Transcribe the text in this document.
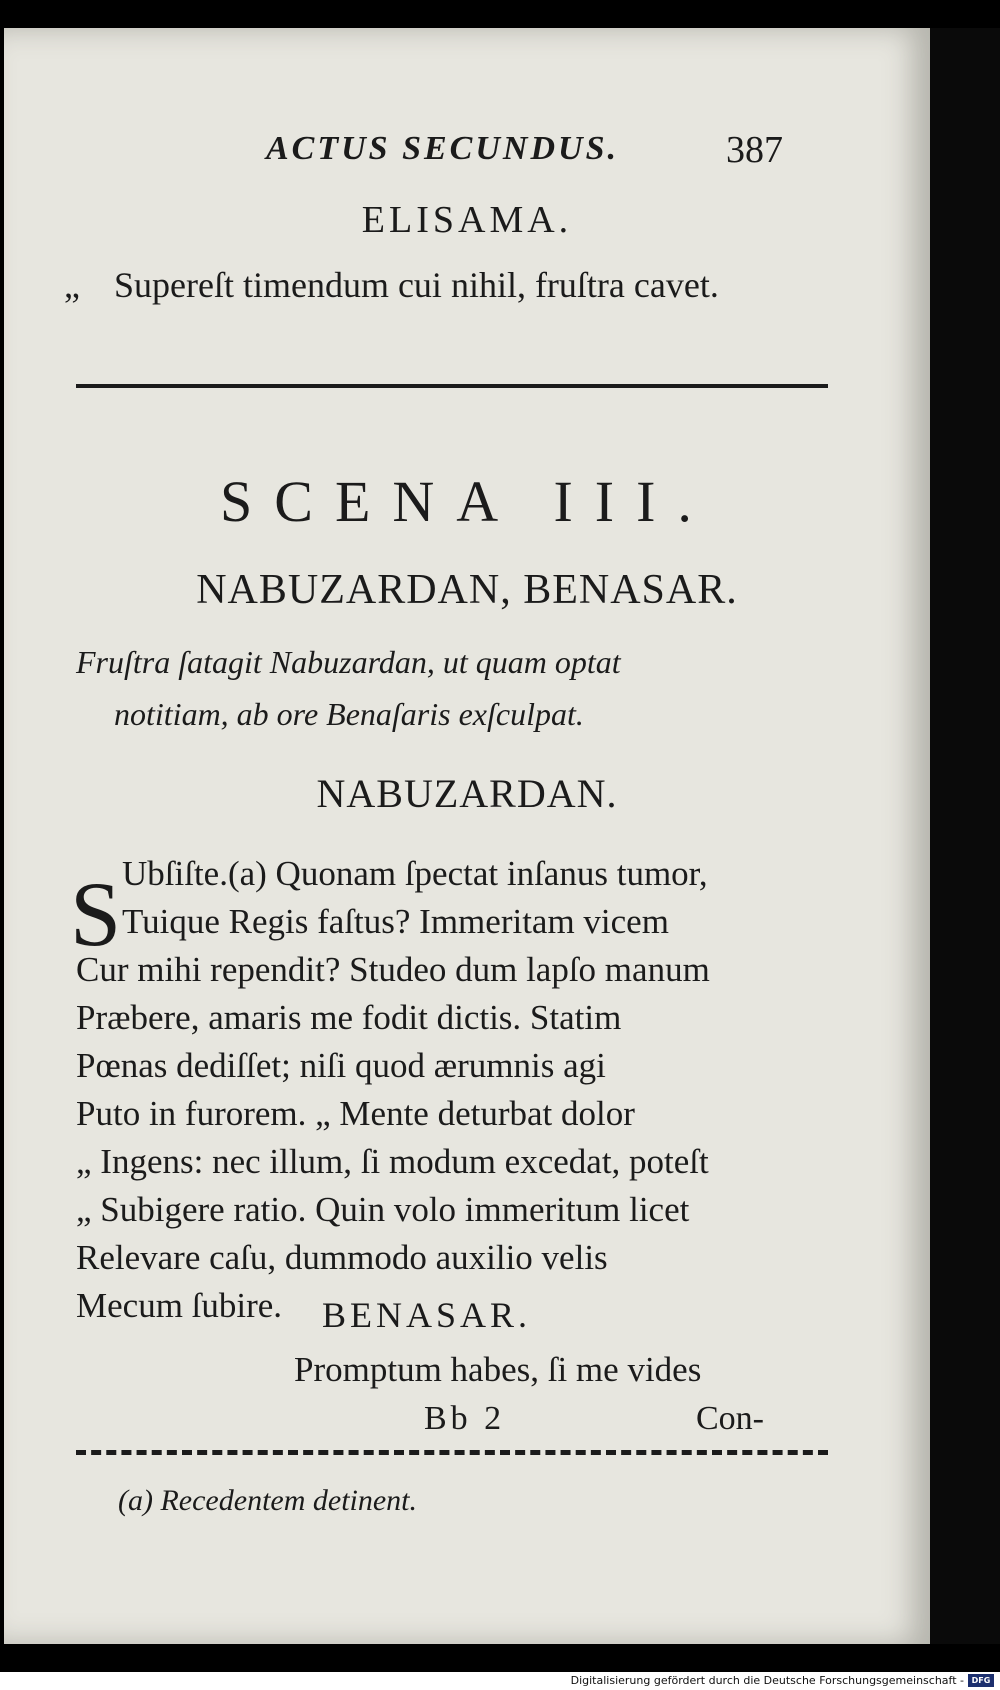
ACTUS SECUNDUS.	387
ELISAMA.
„ Supereſt timendum cui nihil, fruſtra cavet.
SCENA III.
NABUZARDAN, BENASAR.
Fruſtra ſatagit Nabuzardan, ut quam optat
notitiam, ab ore Benaſaris exſculpat.
NABUZARDAN.
S Ubſiſte.(a) Quonam ſpectat inſanus tumor,
Tuique Regis faſtus? Immeritam vicem
Cur mihi rependit? Studeo dum lapſo manum
Præbere, amaris me fodit dictis. Statim
Pœnas dediſſet; niſi quod ærumnis agi
Puto in furorem. „ Mente deturbat dolor
„ Ingens: nec illum, ſi modum excedat, poteſt
„ Subigere ratio. Quin volo immeritum licet
Relevare caſu, dummodo auxilio velis
Mecum ſubire. BENASAR.
Promptum habes, ſi me vides
Bb 2	Con-
(a) Recedentem detinent.
Digitalisierung gefördert durch die Deutsche Forschungsgemeinschaft - DFG
